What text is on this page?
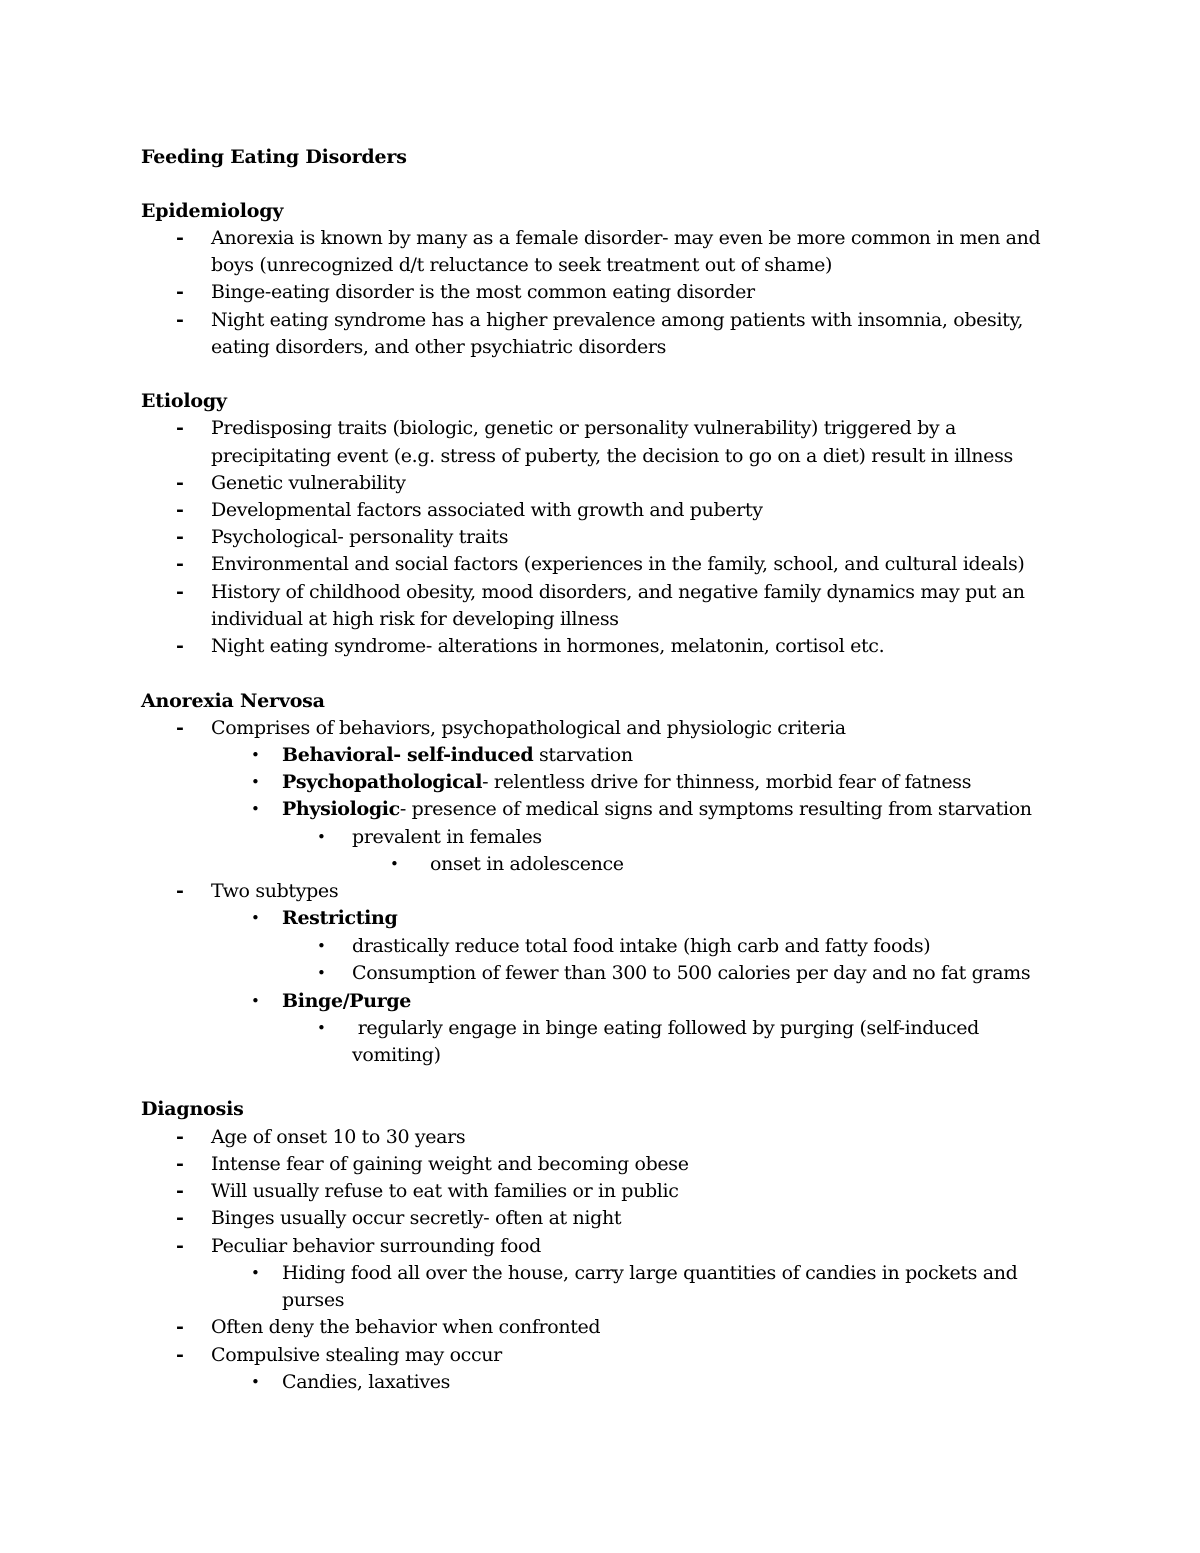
Feeding Eating Disorders
Epidemiology
- Anorexia is known by many as a female disorder- may even be more common in men and
boys (unrecognized d/t reluctance to seek treatment out of shame)
- Binge-eating disorder is the most common eating disorder
- Night eating syndrome has a higher prevalence among patients with insomnia, obesity,
eating disorders, and other psychiatric disorders
Etiology
- Predisposing traits (biologic, genetic or personality vulnerability) triggered by a
precipitating event (e.g. stress of puberty, the decision to go on a diet) result in illness
- Genetic vulnerability
- Developmental factors associated with growth and puberty
- Psychological- personality traits
- Environmental and social factors (experiences in the family, school, and cultural ideals)
- History of childhood obesity, mood disorders, and negative family dynamics may put an
individual at high risk for developing illness
- Night eating syndrome- alterations in hormones, melatonin, cortisol etc.
Anorexia Nervosa
- Comprises of behaviors, psychopathological and physiologic criteria
• Behavioral- self-induced starvation
• Psychopathological- relentless drive for thinness, morbid fear of fatness
• Physiologic- presence of medical signs and symptoms resulting from starvation
• prevalent in females
• onset in adolescence
- Two subtypes
• Restricting
• drastically reduce total food intake (high carb and fatty foods)
• Consumption of fewer than 300 to 500 calories per day and no fat grams
• Binge/Purge
• regularly engage in binge eating followed by purging (self-induced
vomiting)
Diagnosis
- Age of onset 10 to 30 years
- Intense fear of gaining weight and becoming obese
- Will usually refuse to eat with families or in public
- Binges usually occur secretly- often at night
- Peculiar behavior surrounding food
• Hiding food all over the house, carry large quantities of candies in pockets and
purses
- Often deny the behavior when confronted
- Compulsive stealing may occur
• Candies, laxatives
